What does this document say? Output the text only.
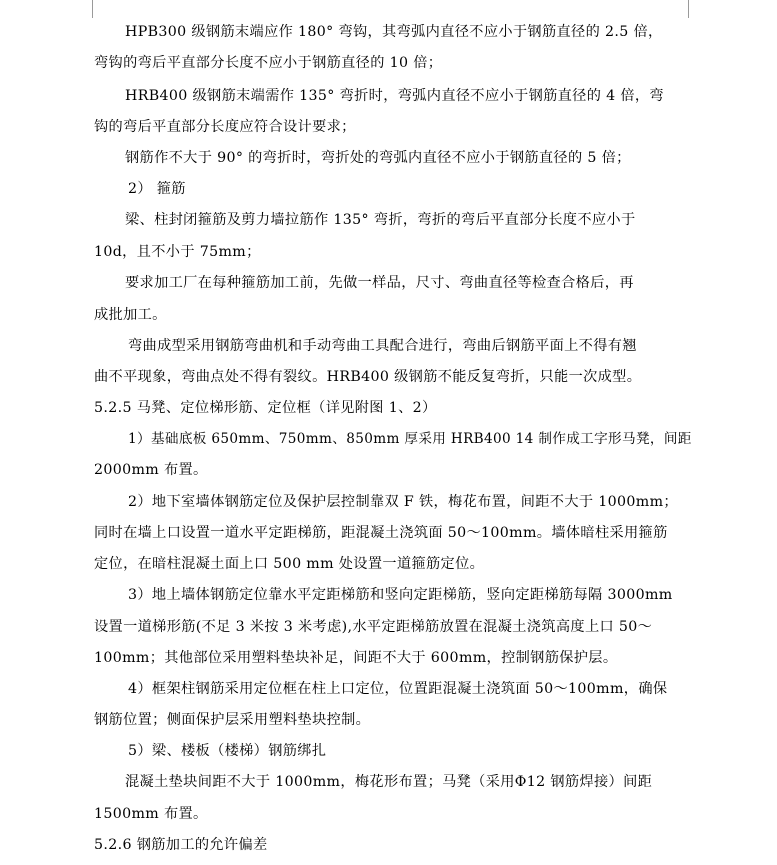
HPB300 级钢筋末端应作 180° 弯钩，其弯弧内直径不应小于钢筋直径的 2.5 倍，
弯钩的弯后平直部分长度不应小于钢筋直径的 10 倍；
HRB400 级钢筋末端需作 135° 弯折时，弯弧内直径不应小于钢筋直径的 4 倍，弯
钩的弯后平直部分长度应符合设计要求；
钢筋作不大于 90° 的弯折时，弯折处的弯弧内直径不应小于钢筋直径的 5 倍；
2） 箍筋
梁、柱封闭箍筋及剪力墙拉筋作 135° 弯折，弯折的弯后平直部分长度不应小于
10d，且不小于 75mm；
要求加工厂在每种箍筋加工前，先做一样品，尺寸、弯曲直径等检查合格后，再
成批加工。
弯曲成型采用钢筋弯曲机和手动弯曲工具配合进行，弯曲后钢筋平面上不得有翘
曲不平现象，弯曲点处不得有裂纹。HRB400 级钢筋不能反复弯折，只能一次成型。
5.2.5 马凳、定位梯形筋、定位框（详见附图 1、2）
1）基础底板 650mm、750mm、850mm 厚采用 HRB400 14 制作成工字形马凳，间距
2000mm 布置。
2）地下室墙体钢筋定位及保护层控制靠双 F 铁，梅花布置，间距不大于 1000mm；
同时在墙上口设置一道水平定距梯筋，距混凝土浇筑面 50～100mm。墙体暗柱采用箍筋
定位，在暗柱混凝土面上口 500 mm 处设置一道箍筋定位。
3）地上墙体钢筋定位靠水平定距梯筋和竖向定距梯筋，竖向定距梯筋每隔 3000mm
设置一道梯形筋(不足 3 米按 3 米考虑),水平定距梯筋放置在混凝土浇筑高度上口 50～
100mm；其他部位采用塑料垫块补足，间距不大于 600mm，控制钢筋保护层。
4）框架柱钢筋采用定位框在柱上口定位，位置距混凝土浇筑面 50～100mm，确保
钢筋位置；侧面保护层采用塑料垫块控制。
5）梁、楼板（楼梯）钢筋绑扎
混凝土垫块间距不大于 1000mm，梅花形布置；马凳（采用Φ12 钢筋焊接）间距
1500mm 布置。
5.2.6 钢筋加工的允许偏差
